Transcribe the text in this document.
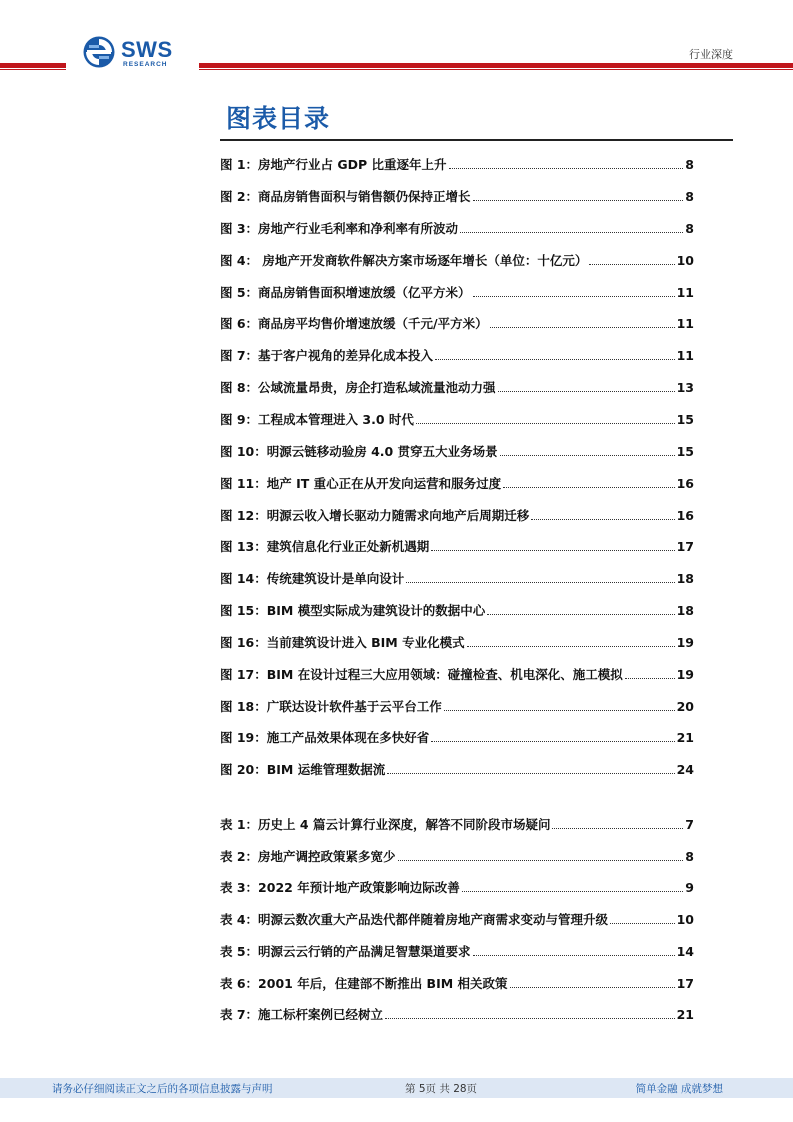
SWS
RESEARCH
行业深度
图表目录
图 1：房地产行业占 GDP 比重逐年上升	8
图 2：商品房销售面积与销售额仍保持正增长	8
图 3：房地产行业毛利率和净利率有所波动	8
图 4： 房地产开发商软件解决方案市场逐年增长（单位：十亿元）	10
图 5：商品房销售面积增速放缓（亿平方米）	11
图 6：商品房平均售价增速放缓（千元/平方米）	11
图 7：基于客户视角的差异化成本投入	11
图 8：公域流量昂贵，房企打造私域流量池动力强	13
图 9：工程成本管理进入 3.0 时代	15
图 10：明源云链移动验房 4.0 贯穿五大业务场景	15
图 11：地产 IT 重心正在从开发向运营和服务过度	16
图 12：明源云收入增长驱动力随需求向地产后周期迁移	16
图 13：建筑信息化行业正处新机遇期	17
图 14：传统建筑设计是单向设计	18
图 15：BIM 模型实际成为建筑设计的数据中心	18
图 16：当前建筑设计进入 BIM 专业化模式	19
图 17：BIM 在设计过程三大应用领域：碰撞检查、机电深化、施工模拟	19
图 18：广联达设计软件基于云平台工作	20
图 19：施工产品效果体现在多快好省	21
图 20：BIM 运维管理数据流	24
表 1：历史上 4 篇云计算行业深度，解答不同阶段市场疑问	7
表 2：房地产调控政策紧多宽少	8
表 3：2022 年预计地产政策影响边际改善	9
表 4：明源云数次重大产品迭代都伴随着房地产商需求变动与管理升级	10
表 5：明源云云行销的产品满足智慧渠道要求	14
表 6：2001 年后，住建部不断推出 BIM 相关政策	17
表 7：施工标杆案例已经树立	21
请务必仔细阅读正文之后的各项信息披露与声明	第 5页 共 28页	简单金融 成就梦想
